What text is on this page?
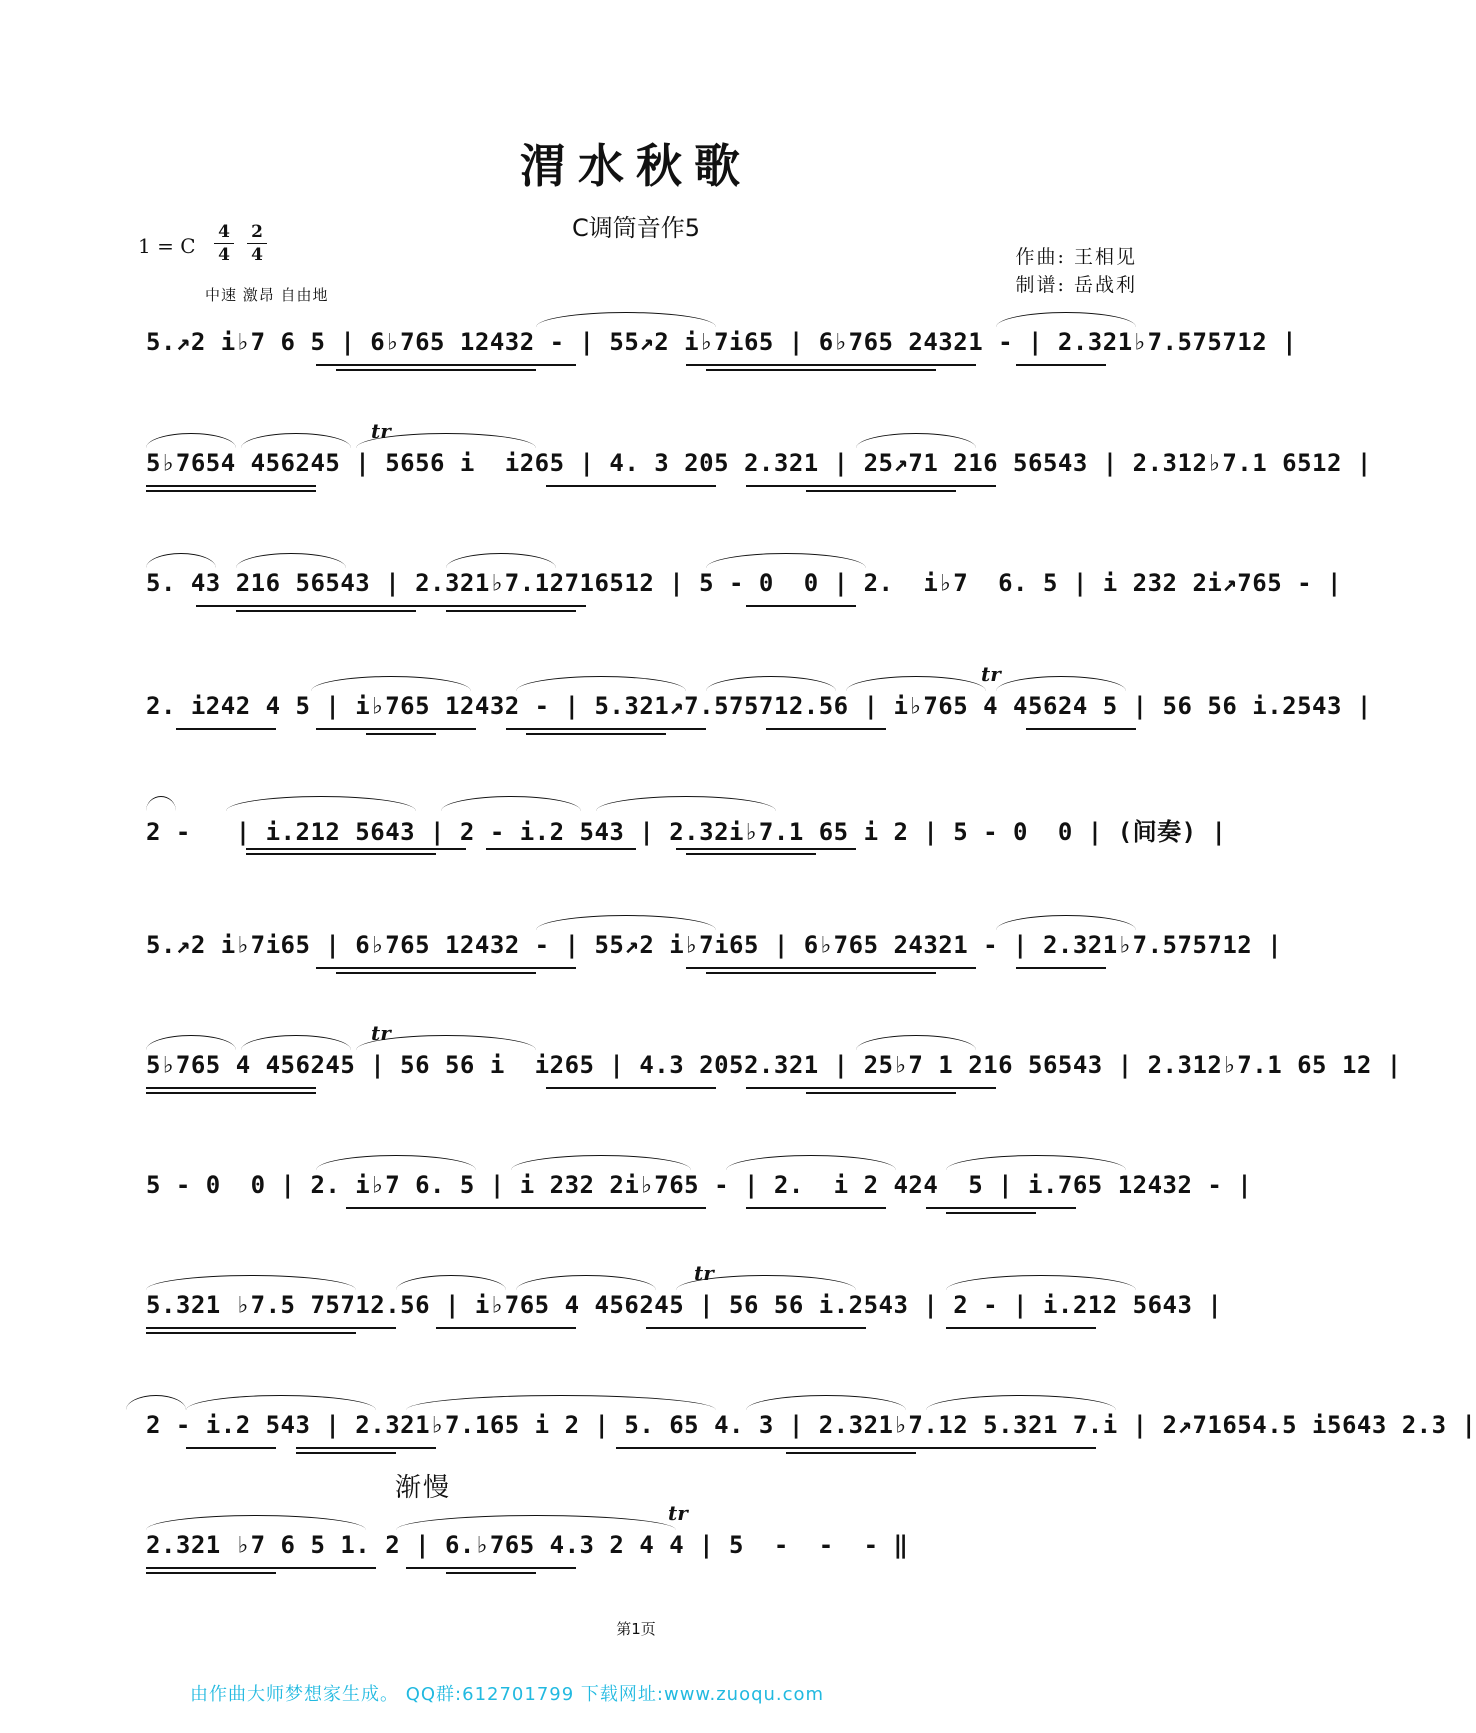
渭水秋歌
C调筒音作5
1 = C
4
4
2
4
中速 激昂 自由地
作曲: 王相见
制谱: 岳战利
5.↗2 i♭7 6 5 | 6♭765 12432 - | 55↗2 i♭7i65 | 6♭765 24321 - | 2.321♭7.575712 |
5♭7654 456245 | 5656 i  i265 | 4. 3 205 2.321 | 25↗71 216 56543 | 2.312♭7.1 6512 |
tr
5. 43 216 56543 | 2.321♭7.12716512 | 5 - 0  0 | 2.  i♭7  6. 5 | i 232 2i↗765 - |
2. i242 4 5 | i♭765 12432 - | 5.321↗7.575712.56 | i♭765 4 45624 5 | 56 56 i.2543 |
tr
2 -   | i.212 5643 | 2 - i.2 543 | 2.32i♭7.1 65 i 2 | 5 - 0  0 | (间奏) |
5.↗2 i♭7i65 | 6♭765 12432 - | 55↗2 i♭7i65 | 6♭765 24321 - | 2.321♭7.575712 |
5♭765 4 456245 | 56 56 i  i265 | 4.3 2052.321 | 25♭7 1 216 56543 | 2.312♭7.1 65 12 |
tr
5 - 0  0 | 2. i♭7 6. 5 | i 232 2i♭765 - | 2.  i 2 424  5 | i.765 12432 - |
5.321 ♭7.5 75712.56 | i♭765 4 456245 | 56 56 i.2543 | 2 - | i.212 5643 |
tr
2 - i.2 543 | 2.321♭7.165 i 2 | 5. 65 4. 3 | 2.321♭7.12 5.321 7.i | 2↗71654.5 i5643 2.3 |
渐慢
2.321 ♭7 6 5 1. 2 | 6.♭765 4.3 2 4 4 | 5  -  -  - ‖
tr
第1页
由作曲大师梦想家生成。 QQ群:612701799 下载网址:www.zuoqu.com
